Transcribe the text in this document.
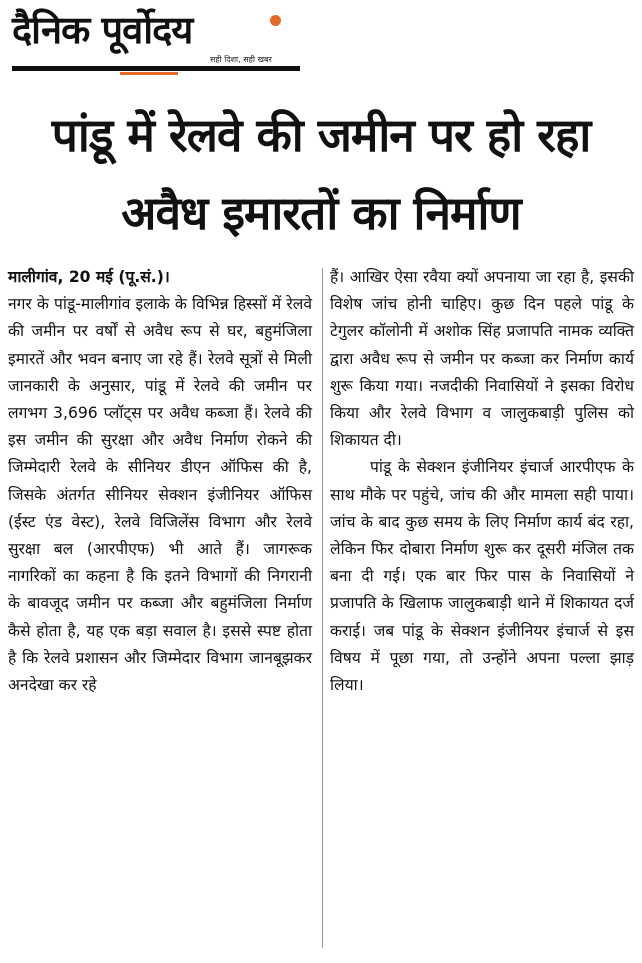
दैनिक पूर्वोदय
सही दिशा, सही खबर
पांडू में रेलवे की जमीन पर हो रहा अवैध इमारतों का निर्माण

मालीगांव, 20 मई (पू.सं.)।

नगर के पांडू-मालीगांव इलाके के विभिन्न हिस्सों में रेलवे की जमीन पर वर्षों से अवैध रूप से घर, बहुमंजिला इमारतें और भवन बनाए जा रहे हैं। रेलवे सूत्रों से मिली जानकारी के अनुसार, पांडू में रेलवे की जमीन पर लगभग 3,696 प्लॉट्स पर अवैध कब्जा हैं। रेलवे की इस जमीन की सुरक्षा और अवैध निर्माण रोकने की जिम्मेदारी रेलवे के सीनियर डीएन ऑफिस की है, जिसके अंतर्गत सीनियर सेक्शन इंजीनियर ऑफिस (ईस्ट एंड वेस्ट), रेलवे विजिलेंस विभाग और रेलवे सुरक्षा बल (आरपीएफ) भी आते हैं। जागरूक नागरिकों का कहना है कि इतने विभागों की निगरानी के बावजूद जमीन पर कब्जा और बहुमंजिला निर्माण कैसे होता है, यह एक बड़ा सवाल है। इससे स्पष्ट होता है कि रेलवे प्रशासन और जिम्मेदार विभाग जानबूझकर अनदेखा कर रहे

हैं। आखिर ऐसा रवैया क्यों अपनाया जा रहा है, इसकी विशेष जांच होनी चाहिए। कुछ दिन पहले पांडू के टेगुलर कॉलोनी में अशोक सिंह प्रजापति नामक व्यक्ति द्वारा अवैध रूप से जमीन पर कब्जा कर निर्माण कार्य शुरू किया गया। नजदीकी निवासियों ने इसका विरोध किया और रेलवे विभाग व जालुकबाड़ी पुलिस को शिकायत दी।

पांडू के सेक्शन इंजीनियर इंचार्ज आरपीएफ के साथ मौके पर पहुंचे, जांच की और मामला सही पाया। जांच के बाद कुछ समय के लिए निर्माण कार्य बंद रहा, लेकिन फिर दोबारा निर्माण शुरू कर दूसरी मंजिल तक बना दी गई। एक बार फिर पास के निवासियों ने प्रजापति के खिलाफ जालुकबाड़ी थाने में शिकायत दर्ज कराई। जब पांडू के सेक्शन इंजीनियर इंचार्ज से इस विषय में पूछा गया, तो उन्होंने अपना पल्ला झाड़ लिया।
